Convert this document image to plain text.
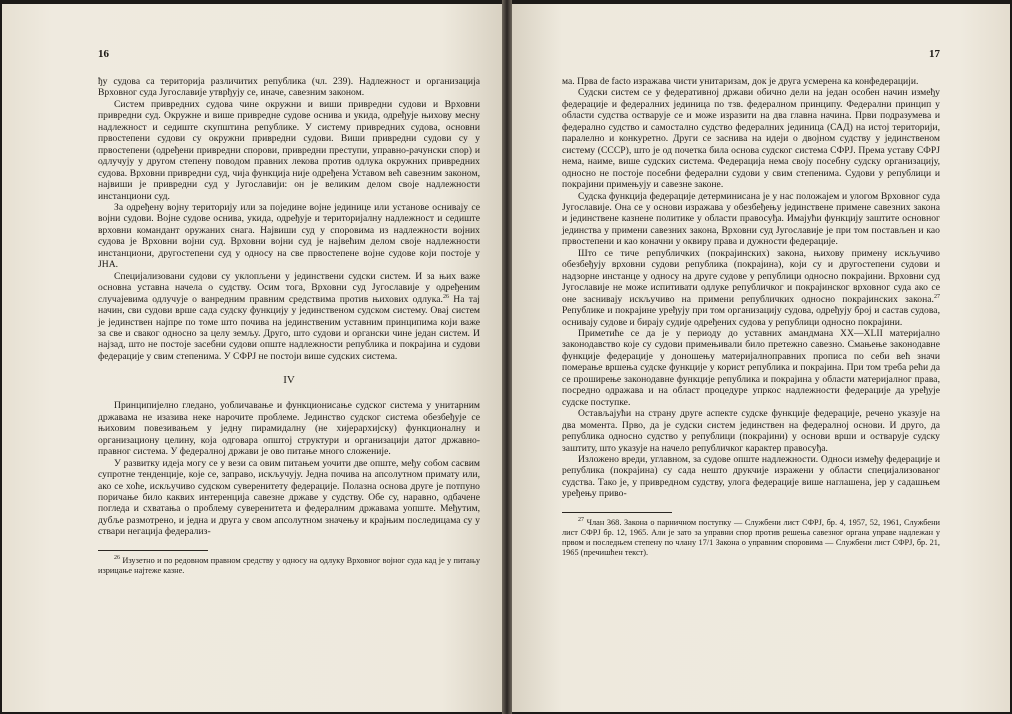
16

ђу судова са територија различитих република (чл. 239). Надлежност и организација Врховног суда Југославије утврђују се, иначе, савезним законом.

Систем привредних судова чине окружни и виши привредни судови и Врховни привредни суд. Окружне и више привредне судове оснива и укида, одређује њихову месну надлежност и седиште скупштина републике. У систему привредних судова, основни првостепени судови су окружни привредни судови. Виши привредни судови су у првостепени (одређени привредни спорови, привредни преступи, управно-рачунски спор) и одлучују у другом степену поводом правних лекова против одлука окружних привредних судова. Врховни привредни суд, чија функција није одређена Уставом већ савезним законом, највиши је привредни суд у Југославији: он је великим делом своје надлежности инстанциони суд.

За одређену војну територију или за поједине војне јединице или установе оснивају се војни судови. Војне судове оснива, укида, одређује и територијалну надлежност и седиште врховни командант оружаних снага. Највиши суд у споровима из надлежности војних судова је Врховни војни суд. Врховни војни суд је највећим делом своје надлежности инстанциони, другостепени суд у односу на све првостепене војне судове који постоје у ЈНА.

Специјализовани судови су уклопљени у јединствени судски систем. И за њих важе основна уставна начела о судству. Осим тога, Врховни суд Југославије у одређеним случајевима одлучује о ванредним правним средствима против њихових одлука.$^{26}$ На тај начин, сви судови врше сада судску функцију у јединственом судском систему. Овај систем је јединствен најпре по томе што почива на јединственим уставним принципима који важе за све и сваког односно за целу земљу. Друго, што судови и органски чине један систем. И најзад, што не постоје засебни судови опште надлежности република и покрајина и судови федерације у свим степенима. У СФРЈ не постоји више судских система.

IV

Принципијелно гледано, уобличавање и функционисање судског система у унитарним државама не изазива неке нарочите проблеме. Јединство судског система обезбеђује се њиховим повезивањем у једну пирамидалну (не хијерархијску) функционалну и организациону целину, која одговара општој структури и организацији датог државно-правног система. У федералној држави је ово питање много сложеније.

У развитку идеја могу се у вези са овим питањем уочити две опште, међу собом сасвим супротне тенденције, које се, заправо, искључују. Једна почива на апсолутном примату или, ако се хоће, искључиво судском суверенитету федерације. Полазна основа друге је потпуно поричање било каквих интеренција савезне државе у судству. Обе су, наравно, одбачене погледа и схватања о проблему суверенитета и федералним државама уопште. Међутим, дубље размотрено, и једна и друга у свом апсолутном значењу и крајњим последицама су у ствари негација федерализ-

$^{26}$ Изузетно и по редовном правном средству у односу на одлуку Врховног војног суда кад је у питању изрицање најтеже казне.

17

ма. Прва de facto изражава чисти унитаризам, док је друга усмерена ка конфедерацији.

Судски систем се у федеративној држави обично дели на један особен начин између федерације и федералних јединица по тзв. федералном принципу. Федерални принцип у области судства остварује се и може изразити на два главна начина. Први подразумева и федерално судство и самостално судство федералних јединица (САД) на истој територији, паралелно и конкуретно. Други се заснива на идеји о двојном судству у јединственом систему (СССР), што је од почетка била основа судског система СФРЈ. Према уставу СФРЈ нема, наиме, више судских система. Федерација нема своју посебну судску организацију, односно не постоје посебни федерални судови у свим степенима. Судови у републици и покрајини примењују и савезне законе.

Судска функција федерације детерминисана је у нас положајем и улогом Врховног суда Југославије. Она се у основи изражава у обезбеђењу јединствене примене савезних закона и јединствене казнене политике у области правосуђа. Имајући функцију заштите основног јединства у примени савезних закона, Врховни суд Југославије је при том постављен и као првостепени и као коначни у оквиру права и дужности федерације.

Што се тиче републичких (покрајинских) закона, њихову примену искључиво обезбеђују врховни судови република (покрајина), који су и другостепени судови и надзорне инстанце у односу на друге судове у републици односно покрајини. Врховни суд Југославије не може испитивати одлуке републичког и покрајинског врховног суда ако се оне заснивају искључиво на примени републичких односно покрајинских закона.$^{27}$ Републике и покрајине уређују при том организацију судова, одређују број и састав судова, оснивају судове и бирају судије одређених судова у републици односно покрајини.

Приметиће се да је у периоду до уставних амандмана XX—XLII материјално законодавство које су судови примењивали било претежно савезно. Смањење законодавне функције федерације у доношењу материјалноправних прописа по себи већ значи померање вршења судске функције у корист република и покрајина. При том треба рећи да се проширење законодавне функције република и покрајина у области материјалног права, посредно одражава и на област процедуре упркос надлежности федерације да уређује судске поступке.

Остављајући на страну друге аспекте судске функције федерације, речено указује на два момента. Прво, да је судски систем јединствен на федералној основи. И друго, да република односно судство у републици (покрајини) у основи врши и остварује судску заштиту, што указује на начело републичког карактер правосуђа.

Изложено вреди, углавном, за судове опште надлежности. Односи између федерације и република (покрајина) су сада нешто друкчије изражени у области специјализованог судства. Тако је, у привредном судству, улога федерације више наглашена, јер у садашњем уређењу приво-

$^{27}$ Члан 368. Закона о парничном поступку — Службени лист СФРЈ, бр. 4, 1957, 52, 1961, Службени лист СФРЈ бр. 12, 1965. Али је зато за управни спор против решења савезног органа управе надлежан у првом и последњем степену по члану 17/1 Закона о управним споровима — Службени лист СФРЈ, бр. 21, 1965 (пречишћен текст).
